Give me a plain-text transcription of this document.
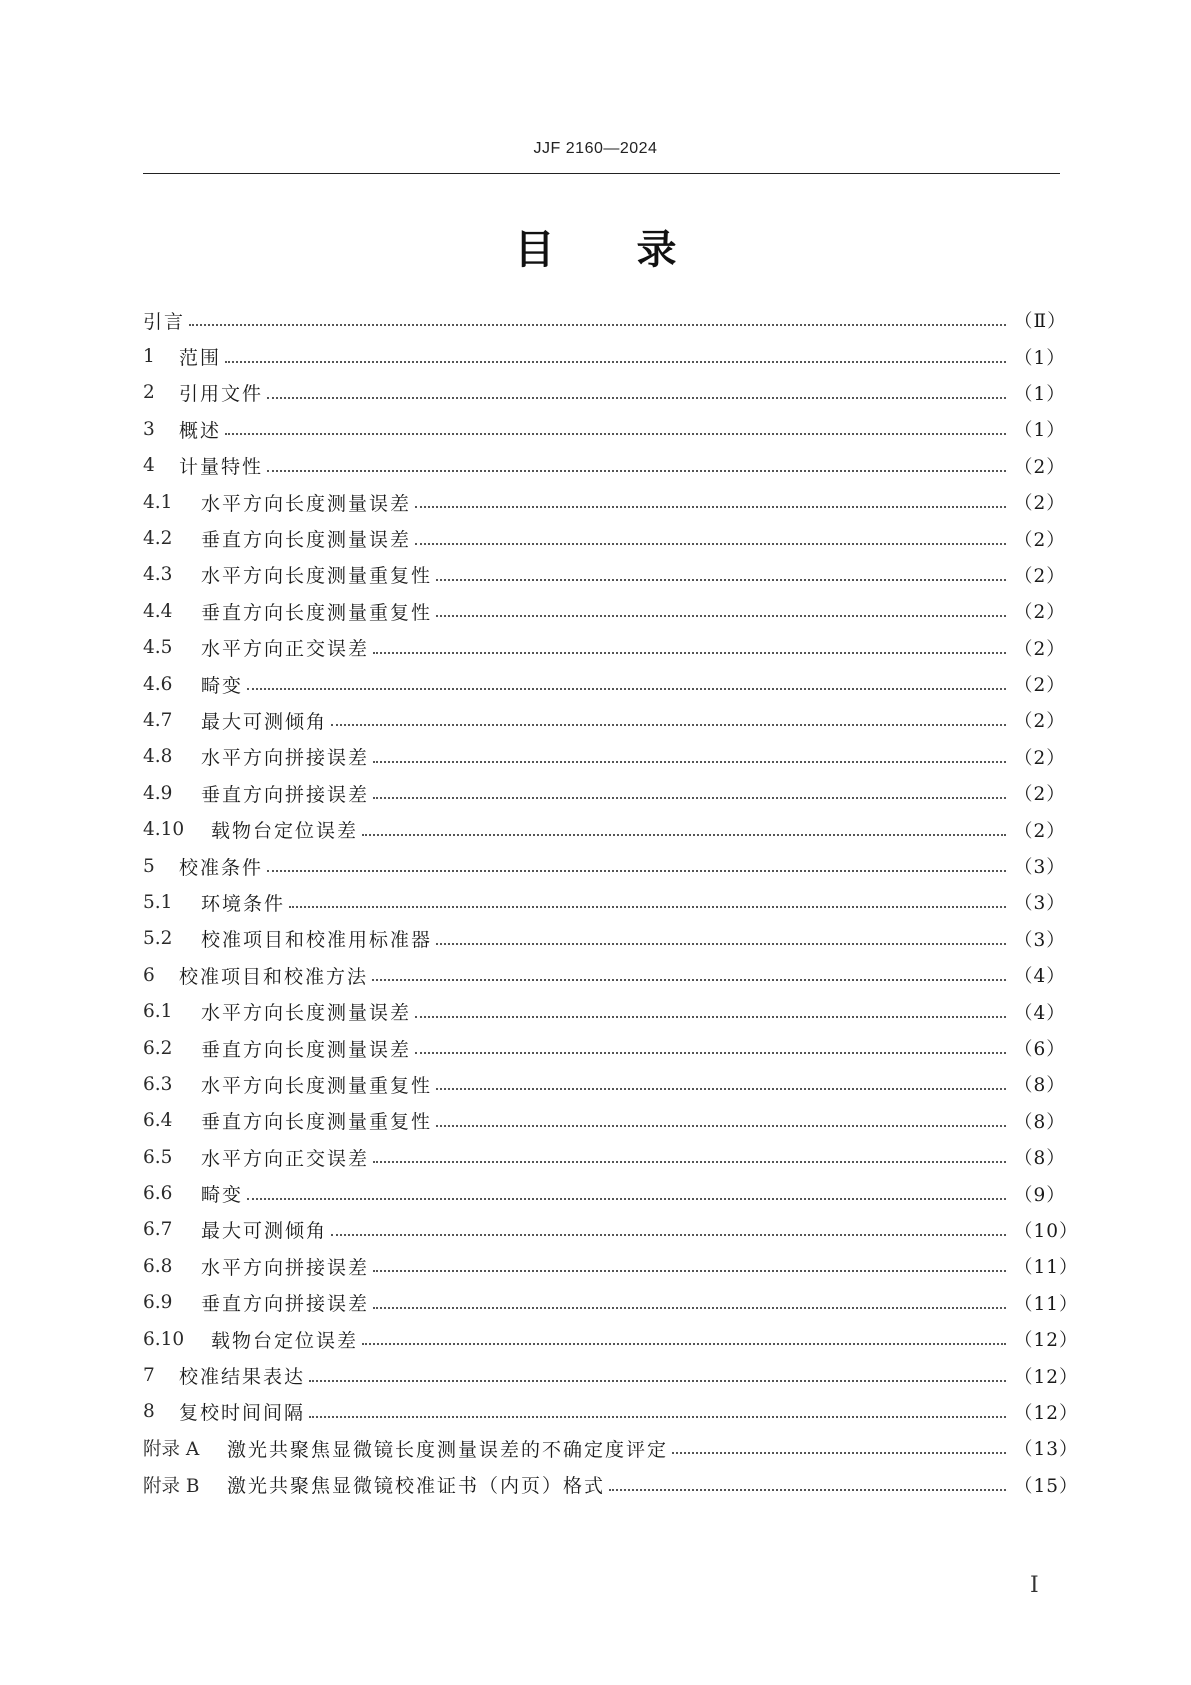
JJF 2160—2024
目 录
引言	（Ⅱ）
1	范围	（1）
2	引用文件	（1）
3	概述	（1）
4	计量特性	（2）
4.1	水平方向长度测量误差	（2）
4.2	垂直方向长度测量误差	（2）
4.3	水平方向长度测量重复性	（2）
4.4	垂直方向长度测量重复性	（2）
4.5	水平方向正交误差	（2）
4.6	畸变	（2）
4.7	最大可测倾角	（2）
4.8	水平方向拼接误差	（2）
4.9	垂直方向拼接误差	（2）
4.10	载物台定位误差	（2）
5	校准条件	（3）
5.1	环境条件	（3）
5.2	校准项目和校准用标准器	（3）
6	校准项目和校准方法	（4）
6.1	水平方向长度测量误差	（4）
6.2	垂直方向长度测量误差	（6）
6.3	水平方向长度测量重复性	（8）
6.4	垂直方向长度测量重复性	（8）
6.5	水平方向正交误差	（8）
6.6	畸变	（9）
6.7	最大可测倾角	（10）
6.8	水平方向拼接误差	（11）
6.9	垂直方向拼接误差	（11）
6.10	载物台定位误差	（12）
7	校准结果表达	（12）
8	复校时间间隔	（12）
附录 A	激光共聚焦显微镜长度测量误差的不确定度评定	（13）
附录 B	激光共聚焦显微镜校准证书（内页）格式	（15）
I
